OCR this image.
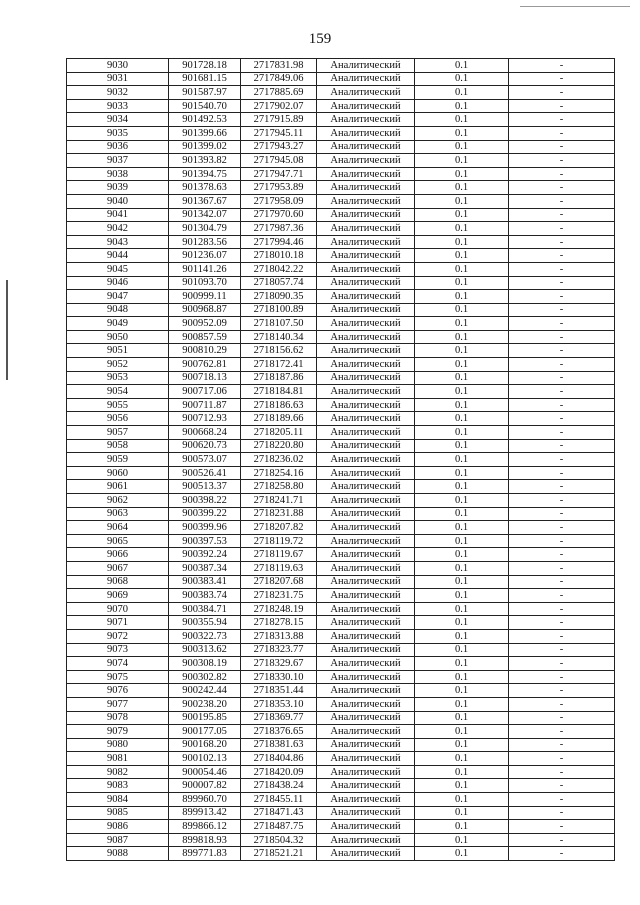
159
9030	901728.18	2717831.98	Аналитический	0.1	-
9031	901681.15	2717849.06	Аналитический	0.1	-
9032	901587.97	2717885.69	Аналитический	0.1	-
9033	901540.70	2717902.07	Аналитический	0.1	-
9034	901492.53	2717915.89	Аналитический	0.1	-
9035	901399.66	2717945.11	Аналитический	0.1	-
9036	901399.02	2717943.27	Аналитический	0.1	-
9037	901393.82	2717945.08	Аналитический	0.1	-
9038	901394.75	2717947.71	Аналитический	0.1	-
9039	901378.63	2717953.89	Аналитический	0.1	-
9040	901367.67	2717958.09	Аналитический	0.1	-
9041	901342.07	2717970.60	Аналитический	0.1	-
9042	901304.79	2717987.36	Аналитический	0.1	-
9043	901283.56	2717994.46	Аналитический	0.1	-
9044	901236.07	2718010.18	Аналитический	0.1	-
9045	901141.26	2718042.22	Аналитический	0.1	-
9046	901093.70	2718057.74	Аналитический	0.1	-
9047	900999.11	2718090.35	Аналитический	0.1	-
9048	900968.87	2718100.89	Аналитический	0.1	-
9049	900952.09	2718107.50	Аналитический	0.1	-
9050	900857.59	2718140.34	Аналитический	0.1	-
9051	900810.29	2718156.62	Аналитический	0.1	-
9052	900762.81	2718172.41	Аналитический	0.1	-
9053	900718.13	2718187.86	Аналитический	0.1	-
9054	900717.06	2718184.81	Аналитический	0.1	-
9055	900711.87	2718186.63	Аналитический	0.1	-
9056	900712.93	2718189.66	Аналитический	0.1	-
9057	900668.24	2718205.11	Аналитический	0.1	-
9058	900620.73	2718220.80	Аналитический	0.1	-
9059	900573.07	2718236.02	Аналитический	0.1	-
9060	900526.41	2718254.16	Аналитический	0.1	-
9061	900513.37	2718258.80	Аналитический	0.1	-
9062	900398.22	2718241.71	Аналитический	0.1	-
9063	900399.22	2718231.88	Аналитический	0.1	-
9064	900399.96	2718207.82	Аналитический	0.1	-
9065	900397.53	2718119.72	Аналитический	0.1	-
9066	900392.24	2718119.67	Аналитический	0.1	-
9067	900387.34	2718119.63	Аналитический	0.1	-
9068	900383.41	2718207.68	Аналитический	0.1	-
9069	900383.74	2718231.75	Аналитический	0.1	-
9070	900384.71	2718248.19	Аналитический	0.1	-
9071	900355.94	2718278.15	Аналитический	0.1	-
9072	900322.73	2718313.88	Аналитический	0.1	-
9073	900313.62	2718323.77	Аналитический	0.1	-
9074	900308.19	2718329.67	Аналитический	0.1	-
9075	900302.82	2718330.10	Аналитический	0.1	-
9076	900242.44	2718351.44	Аналитический	0.1	-
9077	900238.20	2718353.10	Аналитический	0.1	-
9078	900195.85	2718369.77	Аналитический	0.1	-
9079	900177.05	2718376.65	Аналитический	0.1	-
9080	900168.20	2718381.63	Аналитический	0.1	-
9081	900102.13	2718404.86	Аналитический	0.1	-
9082	900054.46	2718420.09	Аналитический	0.1	-
9083	900007.82	2718438.24	Аналитический	0.1	-
9084	899960.70	2718455.11	Аналитический	0.1	-
9085	899913.42	2718471.43	Аналитический	0.1	-
9086	899866.12	2718487.75	Аналитический	0.1	-
9087	899818.93	2718504.32	Аналитический	0.1	-
9088	899771.83	2718521.21	Аналитический	0.1	-
